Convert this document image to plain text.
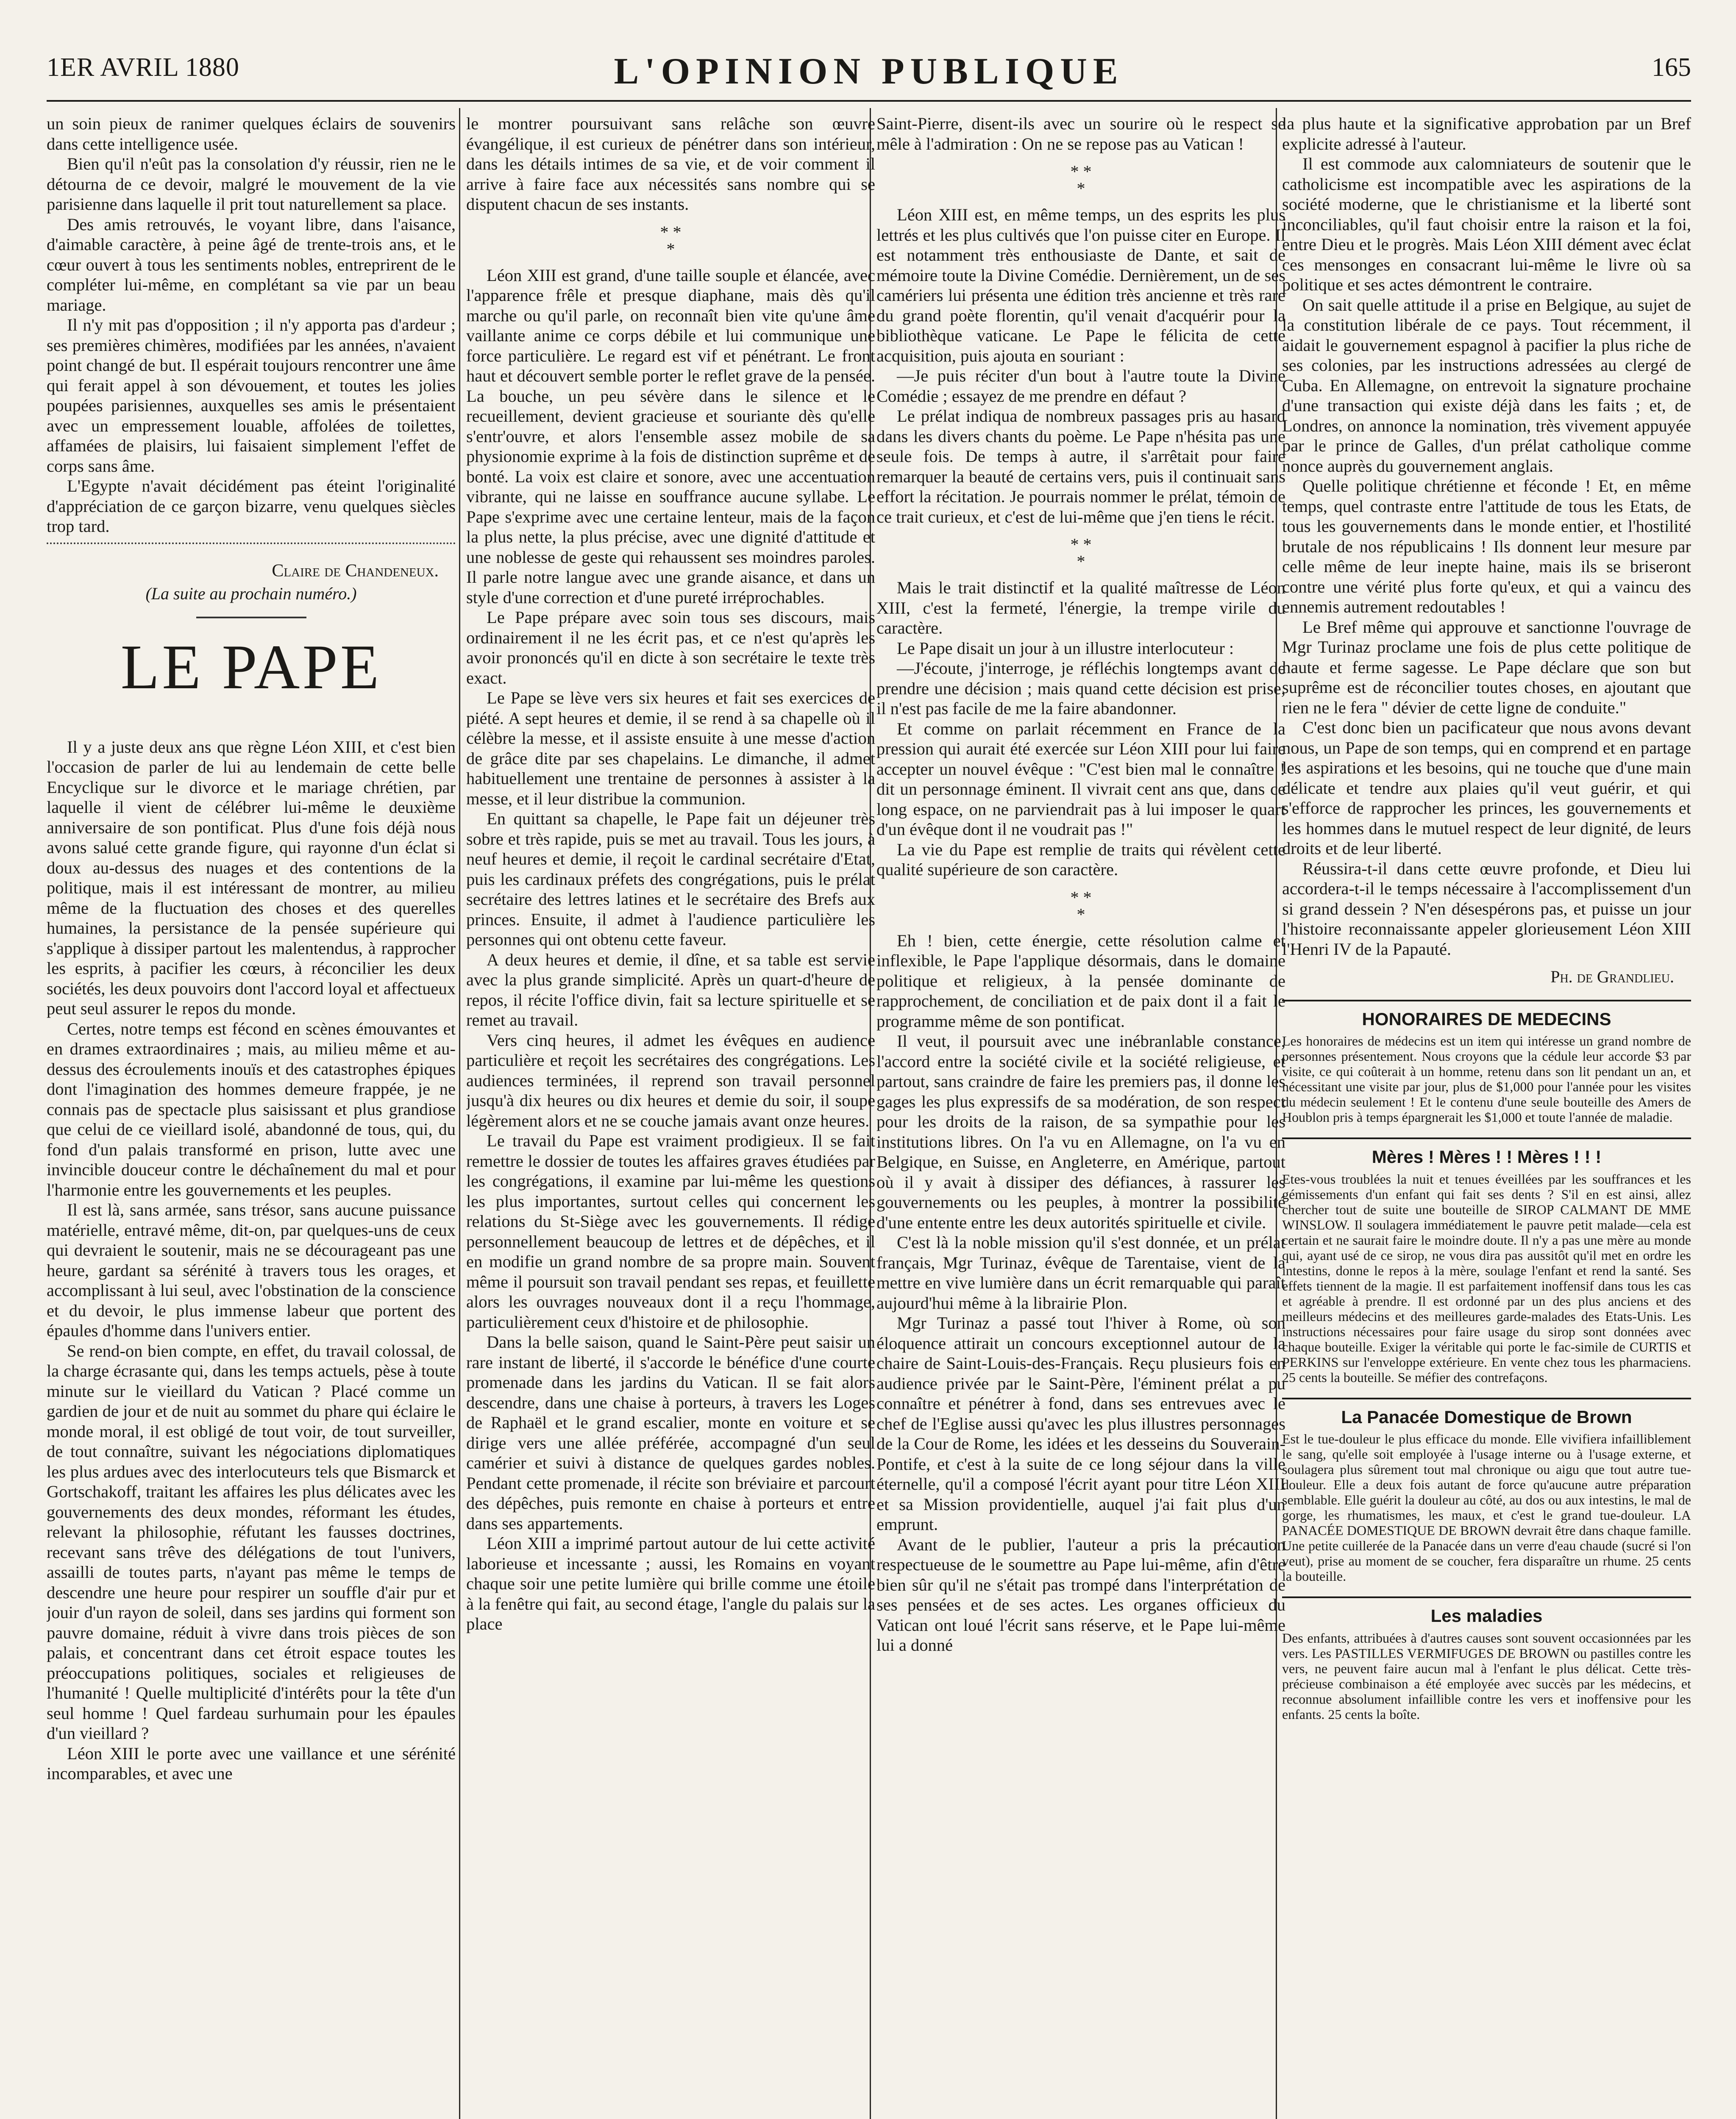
1ER AVRIL 1880	L'OPINION PUBLIQUE	165

un soin pieux de ranimer quelques éclairs de souvenirs dans cette intelligence usée.

Bien qu'il n'eût pas la consolation d'y réussir, rien ne le détourna de ce devoir, malgré le mouvement de la vie parisienne dans laquelle il prit tout naturellement sa place.

Des amis retrouvés, le voyant libre, dans l'aisance, d'aimable caractère, à peine âgé de trente-trois ans, et le cœur ouvert à tous les sentiments nobles, entreprirent de le compléter lui-même, en complétant sa vie par un beau mariage.

Il n'y mit pas d'opposition ; il n'y apporta pas d'ardeur ; ses premières chimères, modifiées par les années, n'avaient point changé de but. Il espérait toujours rencontrer une âme qui ferait appel à son dévouement, et toutes les jolies poupées parisiennes, auxquelles ses amis le présentaient avec un empressement louable, affolées de toilettes, affamées de plaisirs, lui faisaient simplement l'effet de corps sans âme.

L'Egypte n'avait décidément pas éteint l'originalité d'appréciation de ce garçon bizarre, venu quelques siècles trop tard.

Claire de Chandeneux.
(La suite au prochain numéro.)
LE PAPE

Il y a juste deux ans que règne Léon XIII, et c'est bien l'occasion de parler de lui au lendemain de cette belle Encyclique sur le divorce et le mariage chrétien, par laquelle il vient de célébrer lui-même le deuxième anniversaire de son pontificat. Plus d'une fois déjà nous avons salué cette grande figure, qui rayonne d'un éclat si doux au-dessus des nuages et des contentions de la politique, mais il est intéressant de montrer, au milieu même de la fluctuation des choses et des querelles humaines, la persistance de la pensée supérieure qui s'applique à dissiper partout les malentendus, à rapprocher les esprits, à pacifier les cœurs, à réconcilier les deux sociétés, les deux pouvoirs dont l'accord loyal et affectueux peut seul assurer le repos du monde.

Certes, notre temps est fécond en scènes émouvantes et en drames extraordinaires ; mais, au milieu même et au-dessus des écroulements inouïs et des catastrophes épiques dont l'imagination des hommes demeure frappée, je ne connais pas de spectacle plus saisissant et plus grandiose que celui de ce vieillard isolé, abandonné de tous, qui, du fond d'un palais transformé en prison, lutte avec une invincible douceur contre le déchaînement du mal et pour l'harmonie entre les gouvernements et les peuples.

Il est là, sans armée, sans trésor, sans aucune puissance matérielle, entravé même, dit-on, par quelques-uns de ceux qui devraient le soutenir, mais ne se décourageant pas une heure, gardant sa sérénité à travers tous les orages, et accomplissant à lui seul, avec l'obstination de la conscience et du devoir, le plus immense labeur que portent des épaules d'homme dans l'univers entier.

Se rend-on bien compte, en effet, du travail colossal, de la charge écrasante qui, dans les temps actuels, pèse à toute minute sur le vieillard du Vatican ? Placé comme un gardien de jour et de nuit au sommet du phare qui éclaire le monde moral, il est obligé de tout voir, de tout surveiller, de tout connaître, suivant les négociations diplomatiques les plus ardues avec des interlocuteurs tels que Bismarck et Gortschakoff, traitant les affaires les plus délicates avec les gouvernements des deux mondes, réformant les études, relevant la philosophie, réfutant les fausses doctrines, recevant sans trêve des délégations de tout l'univers, assailli de toutes parts, n'ayant pas même le temps de descendre une heure pour respirer un souffle d'air pur et jouir d'un rayon de soleil, dans ses jardins qui forment son pauvre domaine, réduit à vivre dans trois pièces de son palais, et concentrant dans cet étroit espace toutes les préoccupations politiques, sociales et religieuses de l'humanité ! Quelle multiplicité d'intérêts pour la tête d'un seul homme ! Quel fardeau surhumain pour les épaules d'un vieillard ?

Léon XIII le porte avec une vaillance et une sérénité incomparables, et avec une

le montrer poursuivant sans relâche son œuvre évangélique, il est curieux de pénétrer dans son intérieur, dans les détails intimes de sa vie, et de voir comment il arrive à faire face aux nécessités sans nombre qui se disputent chacun de ses instants.

* *
*

Léon XIII est grand, d'une taille souple et élancée, avec l'apparence frêle et presque diaphane, mais dès qu'il marche ou qu'il parle, on reconnaît bien vite qu'une âme vaillante anime ce corps débile et lui communique une force particulière. Le regard est vif et pénétrant. Le front haut et découvert semble porter le reflet grave de la pensée. La bouche, un peu sévère dans le silence et le recueillement, devient gracieuse et souriante dès qu'elle s'entr'ouvre, et alors l'ensemble assez mobile de sa physionomie exprime à la fois de distinction suprême et de bonté. La voix est claire et sonore, avec une accentuation vibrante, qui ne laisse en souffrance aucune syllabe. Le Pape s'exprime avec une certaine lenteur, mais de la façon la plus nette, la plus précise, avec une dignité d'attitude et une noblesse de geste qui rehaussent ses moindres paroles. Il parle notre langue avec une grande aisance, et dans un style d'une correction et d'une pureté irréprochables.

Le Pape prépare avec soin tous ses discours, mais ordinairement il ne les écrit pas, et ce n'est qu'après les avoir prononcés qu'il en dicte à son secrétaire le texte très exact.

Le Pape se lève vers six heures et fait ses exercices de piété. A sept heures et demie, il se rend à sa chapelle où il célèbre la messe, et il assiste ensuite à une messe d'action de grâce dite par ses chapelains. Le dimanche, il admet habituellement une trentaine de personnes à assister à la messe, et il leur distribue la communion.

En quittant sa chapelle, le Pape fait un déjeuner très sobre et très rapide, puis se met au travail. Tous les jours, à neuf heures et demie, il reçoit le cardinal secrétaire d'Etat, puis les cardinaux préfets des congrégations, puis le prélat secrétaire des lettres latines et le secrétaire des Brefs aux princes. Ensuite, il admet à l'audience particulière les personnes qui ont obtenu cette faveur.

A deux heures et demie, il dîne, et sa table est servie avec la plus grande simplicité. Après un quart-d'heure de repos, il récite l'office divin, fait sa lecture spirituelle et se remet au travail.

Vers cinq heures, il admet les évêques en audience particulière et reçoit les secrétaires des congrégations. Les audiences terminées, il reprend son travail personnel jusqu'à dix heures ou dix heures et demie du soir, il soupe légèrement alors et ne se couche jamais avant onze heures.

Le travail du Pape est vraiment prodigieux. Il se fait remettre le dossier de toutes les affaires graves étudiées par les congrégations, il examine par lui-même les questions les plus importantes, surtout celles qui concernent les relations du St-Siège avec les gouvernements. Il rédige personnellement beaucoup de lettres et de dépêches, et il en modifie un grand nombre de sa propre main. Souvent même il poursuit son travail pendant ses repas, et feuillette alors les ouvrages nouveaux dont il a reçu l'hommage, particulièrement ceux d'histoire et de philosophie.

Dans la belle saison, quand le Saint-Père peut saisir un rare instant de liberté, il s'accorde le bénéfice d'une courte promenade dans les jardins du Vatican. Il se fait alors descendre, dans une chaise à porteurs, à travers les Loges de Raphaël et le grand escalier, monte en voiture et se dirige vers une allée préférée, accompagné d'un seul camérier et suivi à distance de quelques gardes nobles. Pendant cette promenade, il récite son bréviaire et parcourt des dépêches, puis remonte en chaise à porteurs et entre dans ses appartements.

Léon XIII a imprimé partout autour de lui cette activité laborieuse et incessante ; aussi, les Romains en voyant chaque soir une petite lumière qui brille comme une étoile à la fenêtre qui fait, au second étage, l'angle du palais sur la place

Saint-Pierre, disent-ils avec un sourire où le respect se mêle à l'admiration : On ne se repose pas au Vatican !

* *
*

Léon XIII est, en même temps, un des esprits les plus lettrés et les plus cultivés que l'on puisse citer en Europe. Il est notamment très enthousiaste de Dante, et sait de mémoire toute la Divine Comédie. Dernièrement, un de ses camériers lui présenta une édition très ancienne et très rare du grand poète florentin, qu'il venait d'acquérir pour la bibliothèque vaticane. Le Pape le félicita de cette acquisition, puis ajouta en souriant :

—Je puis réciter d'un bout à l'autre toute la Divine Comédie ; essayez de me prendre en défaut ?

Le prélat indiqua de nombreux passages pris au hasard dans les divers chants du poème. Le Pape n'hésita pas une seule fois. De temps à autre, il s'arrêtait pour faire remarquer la beauté de certains vers, puis il continuait sans effort la récitation. Je pourrais nommer le prélat, témoin de ce trait curieux, et c'est de lui-même que j'en tiens le récit.

* *
*

Mais le trait distinctif et la qualité maîtresse de Léon XIII, c'est la fermeté, l'énergie, la trempe virile du caractère.

Le Pape disait un jour à un illustre interlocuteur :

—J'écoute, j'interroge, je réfléchis longtemps avant de prendre une décision ; mais quand cette décision est prise, il n'est pas facile de me la faire abandonner.

Et comme on parlait récemment en France de la pression qui aurait été exercée sur Léon XIII pour lui faire accepter un nouvel évêque : "C'est bien mal le connaître ! dit un personnage éminent. Il vivrait cent ans que, dans ce long espace, on ne parviendrait pas à lui imposer le quart d'un évêque dont il ne voudrait pas !"

La vie du Pape est remplie de traits qui révèlent cette qualité supérieure de son caractère.

* *
*

Eh ! bien, cette énergie, cette résolution calme et inflexible, le Pape l'applique désormais, dans le domaine politique et religieux, à la pensée dominante de rapprochement, de conciliation et de paix dont il a fait le programme même de son pontificat.

Il veut, il poursuit avec une inébranlable constance, l'accord entre la société civile et la société religieuse, et partout, sans craindre de faire les premiers pas, il donne les gages les plus expressifs de sa modération, de son respect pour les droits de la raison, de sa sympathie pour les institutions libres. On l'a vu en Allemagne, on l'a vu en Belgique, en Suisse, en Angleterre, en Amérique, partout où il y avait à dissiper des défiances, à rassurer les gouvernements ou les peuples, à montrer la possibilité d'une entente entre les deux autorités spirituelle et civile.

C'est là la noble mission qu'il s'est donnée, et un prélat français, Mgr Turinaz, évêque de Tarentaise, vient de la mettre en vive lumière dans un écrit remarquable qui paraît aujourd'hui même à la librairie Plon.

Mgr Turinaz a passé tout l'hiver à Rome, où son éloquence attirait un concours exceptionnel autour de la chaire de Saint-Louis-des-Français. Reçu plusieurs fois en audience privée par le Saint-Père, l'éminent prélat a pu connaître et pénétrer à fond, dans ses entrevues avec le chef de l'Eglise aussi qu'avec les plus illustres personnages de la Cour de Rome, les idées et les desseins du Souverain-Pontife, et c'est à la suite de ce long séjour dans la ville éternelle, qu'il a composé l'écrit ayant pour titre Léon XIII et sa Mission providentielle, auquel j'ai fait plus d'un emprunt.

Avant de le publier, l'auteur a pris la précaution respectueuse de le soumettre au Pape lui-même, afin d'être bien sûr qu'il ne s'était pas trompé dans l'interprétation de ses pensées et de ses actes. Les organes officieux du Vatican ont loué l'écrit sans réserve, et le Pape lui-même lui a donné

la plus haute et la significative approbation par un Bref explicite adressé à l'auteur.

Il est commode aux calomniateurs de soutenir que le catholicisme est incompatible avec les aspirations de la société moderne, que le christianisme et la liberté sont inconciliables, qu'il faut choisir entre la raison et la foi, entre Dieu et le progrès. Mais Léon XIII dément avec éclat ces mensonges en consacrant lui-même le livre où sa politique et ses actes démontrent le contraire.

On sait quelle attitude il a prise en Belgique, au sujet de la constitution libérale de ce pays. Tout récemment, il aidait le gouvernement espagnol à pacifier la plus riche de ses colonies, par les instructions adressées au clergé de Cuba. En Allemagne, on entrevoit la signature prochaine d'une transaction qui existe déjà dans les faits ; et, de Londres, on annonce la nomination, très vivement appuyée par le prince de Galles, d'un prélat catholique comme nonce auprès du gouvernement anglais.

Quelle politique chrétienne et féconde ! Et, en même temps, quel contraste entre l'attitude de tous les Etats, de tous les gouvernements dans le monde entier, et l'hostilité brutale de nos républicains ! Ils donnent leur mesure par celle même de leur inepte haine, mais ils se briseront contre une vérité plus forte qu'eux, et qui a vaincu des ennemis autrement redoutables !

Le Bref même qui approuve et sanctionne l'ouvrage de Mgr Turinaz proclame une fois de plus cette politique de haute et ferme sagesse. Le Pape déclare que son but suprême est de réconcilier toutes choses, en ajoutant que rien ne le fera " dévier de cette ligne de conduite."

C'est donc bien un pacificateur que nous avons devant nous, un Pape de son temps, qui en comprend et en partage les aspirations et les besoins, qui ne touche que d'une main délicate et tendre aux plaies qu'il veut guérir, et qui s'efforce de rapprocher les princes, les gouvernements et les hommes dans le mutuel respect de leur dignité, de leurs droits et de leur liberté.

Réussira-t-il dans cette œuvre profonde, et Dieu lui accordera-t-il le temps nécessaire à l'accomplissement d'un si grand dessein ? N'en désespérons pas, et puisse un jour l'histoire reconnaissante appeler glorieusement Léon XIII l'Henri IV de la Papauté.

Ph. de Grandlieu.
HONORAIRES DE MEDECINS
Les honoraires de médecins est un item qui intéresse un grand nombre de personnes présentement. Nous croyons que la cédule leur accorde $3 par visite, ce qui coûterait à un homme, retenu dans son lit pendant un an, et nécessitant une visite par jour, plus de $1,000 pour l'année pour les visites du médecin seulement ! Et le contenu d'une seule bouteille des Amers de Houblon pris à temps épargnerait les $1,000 et toute l'année de maladie.
Mères ! Mères ! ! Mères ! ! !
Etes-vous troublées la nuit et tenues éveillées par les souffrances et les gémissements d'un enfant qui fait ses dents ? S'il en est ainsi, allez chercher tout de suite une bouteille de SIROP CALMANT DE MME WINSLOW. Il soulagera immédiatement le pauvre petit malade—cela est certain et ne saurait faire le moindre doute. Il n'y a pas une mère au monde qui, ayant usé de ce sirop, ne vous dira pas aussitôt qu'il met en ordre les intestins, donne le repos à la mère, soulage l'enfant et rend la santé. Ses effets tiennent de la magie. Il est parfaitement inoffensif dans tous les cas et agréable à prendre. Il est ordonné par un des plus anciens et des meilleurs médecins et des meilleures garde-malades des Etats-Unis. Les instructions nécessaires pour faire usage du sirop sont données avec chaque bouteille. Exiger la véritable qui porte le fac-simile de CURTIS et PERKINS sur l'enveloppe extérieure. En vente chez tous les pharmaciens. 25 cents la bouteille. Se méfier des contrefaçons.
La Panacée Domestique de Brown
Est le tue-douleur le plus efficace du monde. Elle vivifiera infailliblement le sang, qu'elle soit employée à l'usage interne ou à l'usage externe, et soulagera plus sûrement tout mal chronique ou aigu que tout autre tue-douleur. Elle a deux fois autant de force qu'aucune autre préparation semblable. Elle guérit la douleur au côté, au dos ou aux intestins, le mal de gorge, les rhumatismes, les maux, et c'est le grand tue-douleur. LA PANACÉE DOMESTIQUE DE BROWN devrait être dans chaque famille. Une petite cuillerée de la Panacée dans un verre d'eau chaude (sucré si l'on veut), prise au moment de se coucher, fera disparaître un rhume. 25 cents la bouteille.
Les maladies
Des enfants, attribuées à d'autres causes sont souvent occasionnées par les vers. Les PASTILLES VERMIFUGES DE BROWN ou pastilles contre les vers, ne peuvent faire aucun mal à l'enfant le plus délicat. Cette très-précieuse combinaison a été employée avec succès par les médecins, et reconnue absolument infaillible contre les vers et inoffensive pour les enfants. 25 cents la boîte.
